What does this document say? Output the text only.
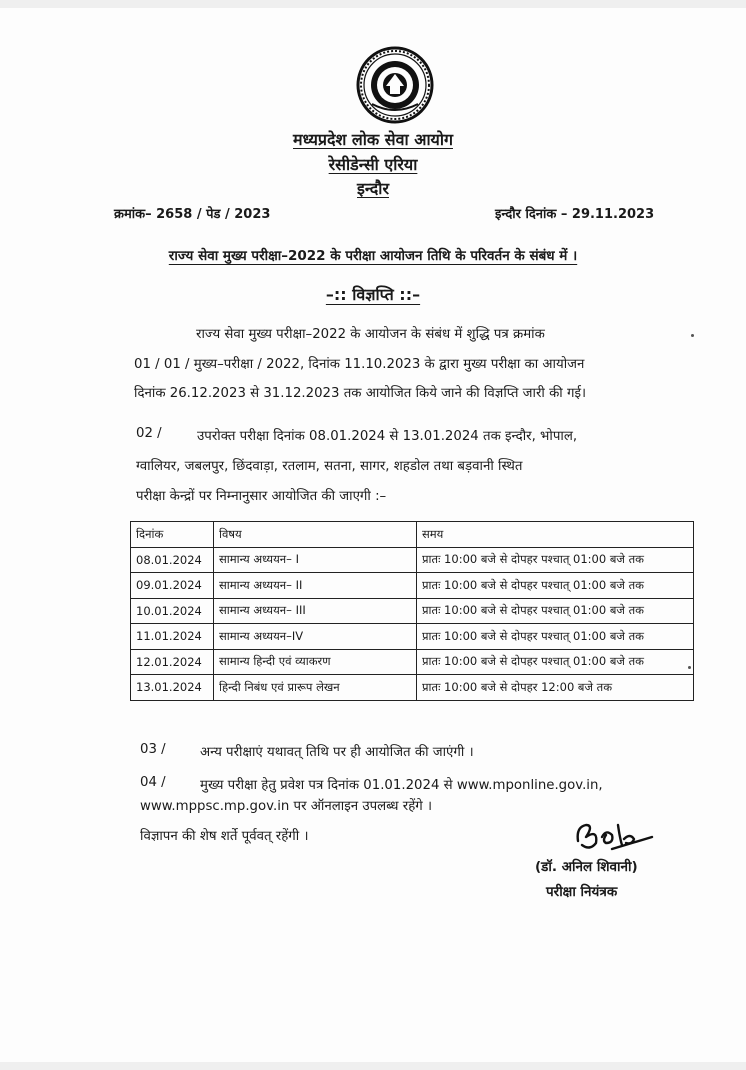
मध्यप्रदेश लोक सेवा आयोग
रेसीडेन्सी एरिया
इन्दौर
क्रमांक– 2658 / पेड / 2023	इन्दौर दिनांक – 29.11.2023
राज्य सेवा मुख्य परीक्षा–2022 के परीक्षा आयोजन तिथि के परिवर्तन के संबंध में ।
–:: विज्ञप्ति ::–
राज्य सेवा मुख्य परीक्षा–2022 के आयोजन के संबंध में शुद्धि पत्र क्रमांक
01 / 01 / मुख्य–परीक्षा / 2022, दिनांक 11.10.2023 के द्वारा मुख्य परीक्षा का आयोजन
दिनांक 26.12.2023 से 31.12.2023 तक आयोजित किये जाने की विज्ञप्ति जारी की गई।
02 /	उपरोक्त परीक्षा दिनांक 08.01.2024 से 13.01.2024 तक इन्दौर, भोपाल,
ग्वालियर, जबलपुर, छिंदवाड़ा, रतलाम, सतना, सागर, शहडोल तथा बड़वानी स्थित
परीक्षा केन्द्रों पर निम्नानुसार आयोजित की जाएगी :–
दिनांक	विषय	समय
08.01.2024	सामान्य अध्ययन– I	प्रातः 10:00 बजे से दोपहर पश्चात् 01:00 बजे तक
09.01.2024	सामान्य अध्ययन– II	प्रातः 10:00 बजे से दोपहर पश्चात् 01:00 बजे तक
10.01.2024	सामान्य अध्ययन– III	प्रातः 10:00 बजे से दोपहर पश्चात् 01:00 बजे तक
11.01.2024	सामान्य अध्ययन–IV	प्रातः 10:00 बजे से दोपहर पश्चात् 01:00 बजे तक
12.01.2024	सामान्य हिन्दी एवं व्याकरण	प्रातः 10:00 बजे से दोपहर पश्चात् 01:00 बजे तक
13.01.2024	हिन्दी निबंध एवं प्रारूप लेखन	प्रातः 10:00 बजे से दोपहर 12:00 बजे तक
03 /	अन्य परीक्षाएं यथावत् तिथि पर ही आयोजित की जाएंगी ।
04 /	मुख्य परीक्षा हेतु प्रवेश पत्र दिनांक 01.01.2024 से www.mponline.gov.in,
www.mppsc.mp.gov.in पर ऑनलाइन उपलब्ध रहेंगे ।
विज्ञापन की शेष शर्ते पूर्ववत् रहेंगी ।
(डॉ. अनिल शिवानी)
परीक्षा नियंत्रक
